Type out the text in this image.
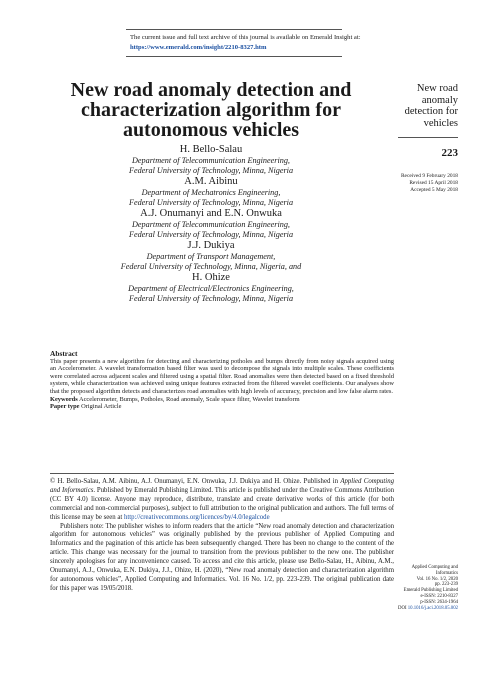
The current issue and full text archive of this journal is available on Emerald Insight at:
https://www.emerald.com/insight/2210-8327.htm
New road anomaly detection and characterization algorithm for autonomous vehicles
H. Bello-Salau
Department of Telecommunication Engineering,
Federal University of Technology, Minna, Nigeria
A.M. Aibinu
Department of Mechatronics Engineering,
Federal University of Technology, Minna, Nigeria
A.J. Onumanyi and E.N. Onwuka
Department of Telecommunication Engineering,
Federal University of Technology, Minna, Nigeria
J.J. Dukiya
Department of Transport Management,
Federal University of Technology, Minna, Nigeria, and
H. Ohize
Department of Electrical/Electronics Engineering,
Federal University of Technology, Minna, Nigeria
New road anomaly detection for vehicles
223
Received 9 February 2018
Revised 15 April 2018
Accepted 5 May 2018
Abstract

This paper presents a new algorithm for detecting and characterizing potholes and bumps directly from noisy signals acquired using an Accelerometer. A wavelet transformation based filter was used to decompose the signals into multiple scales. These coefficients were correlated across adjacent scales and filtered using a spatial filter. Road anomalies were then detected based on a fixed threshold system, while characterization was achieved using unique features extracted from the filtered wavelet coefficients. Our analyses show that the proposed algorithm detects and characterizes road anomalies with high levels of accuracy, precision and low false alarm rates.

Keywords Accelerometer, Bumps, Potholes, Road anomaly, Scale space filter, Wavelet transform

Paper type Original Article

© H. Bello-Salau, A.M. Aibinu, A.J. Onumanyi, E.N. Onwuka, J.J. Dukiya and H. Ohize. Published in Applied Computing and Informatics. Published by Emerald Publishing Limited. This article is published under the Creative Commons Attribution (CC BY 4.0) license. Anyone may reproduce, distribute, translate and create derivative works of this article (for both commercial and non-commercial purposes), subject to full attribution to the original publication and authors. The full terms of this license may be seen at http://creativecommons.org/licences/by/4.0/legalcode

Publishers note: The publisher wishes to inform readers that the article “New road anomaly detection and characterization algorithm for autonomous vehicles” was originally published by the previous publisher of Applied Computing and Informatics and the pagination of this article has been subsequently changed. There has been no change to the content of the article. This change was necessary for the journal to transition from the previous publisher to the new one. The publisher sincerely apologises for any inconvenience caused. To access and cite this article, please use Bello-Salau, H., Aibinu, A.M., Onumanyi, A.J., Onwuka, E.N. Dukiya, J.J., Ohize, H. (2020), “New road anomaly detection and characterization algorithm for autonomous vehicles”, Applied Computing and Informatics. Vol. 16 No. 1/2, pp. 223-239. The original publication date for this paper was 19/05/2018.

Applied Computing and
Informatics
Vol. 16 No. 1/2, 2020
pp. 223-239
Emerald Publishing Limited
e-ISSN: 2210-8327
p-ISSN: 2634-1964
DOI 10.1016/j.aci.2018.05.002
